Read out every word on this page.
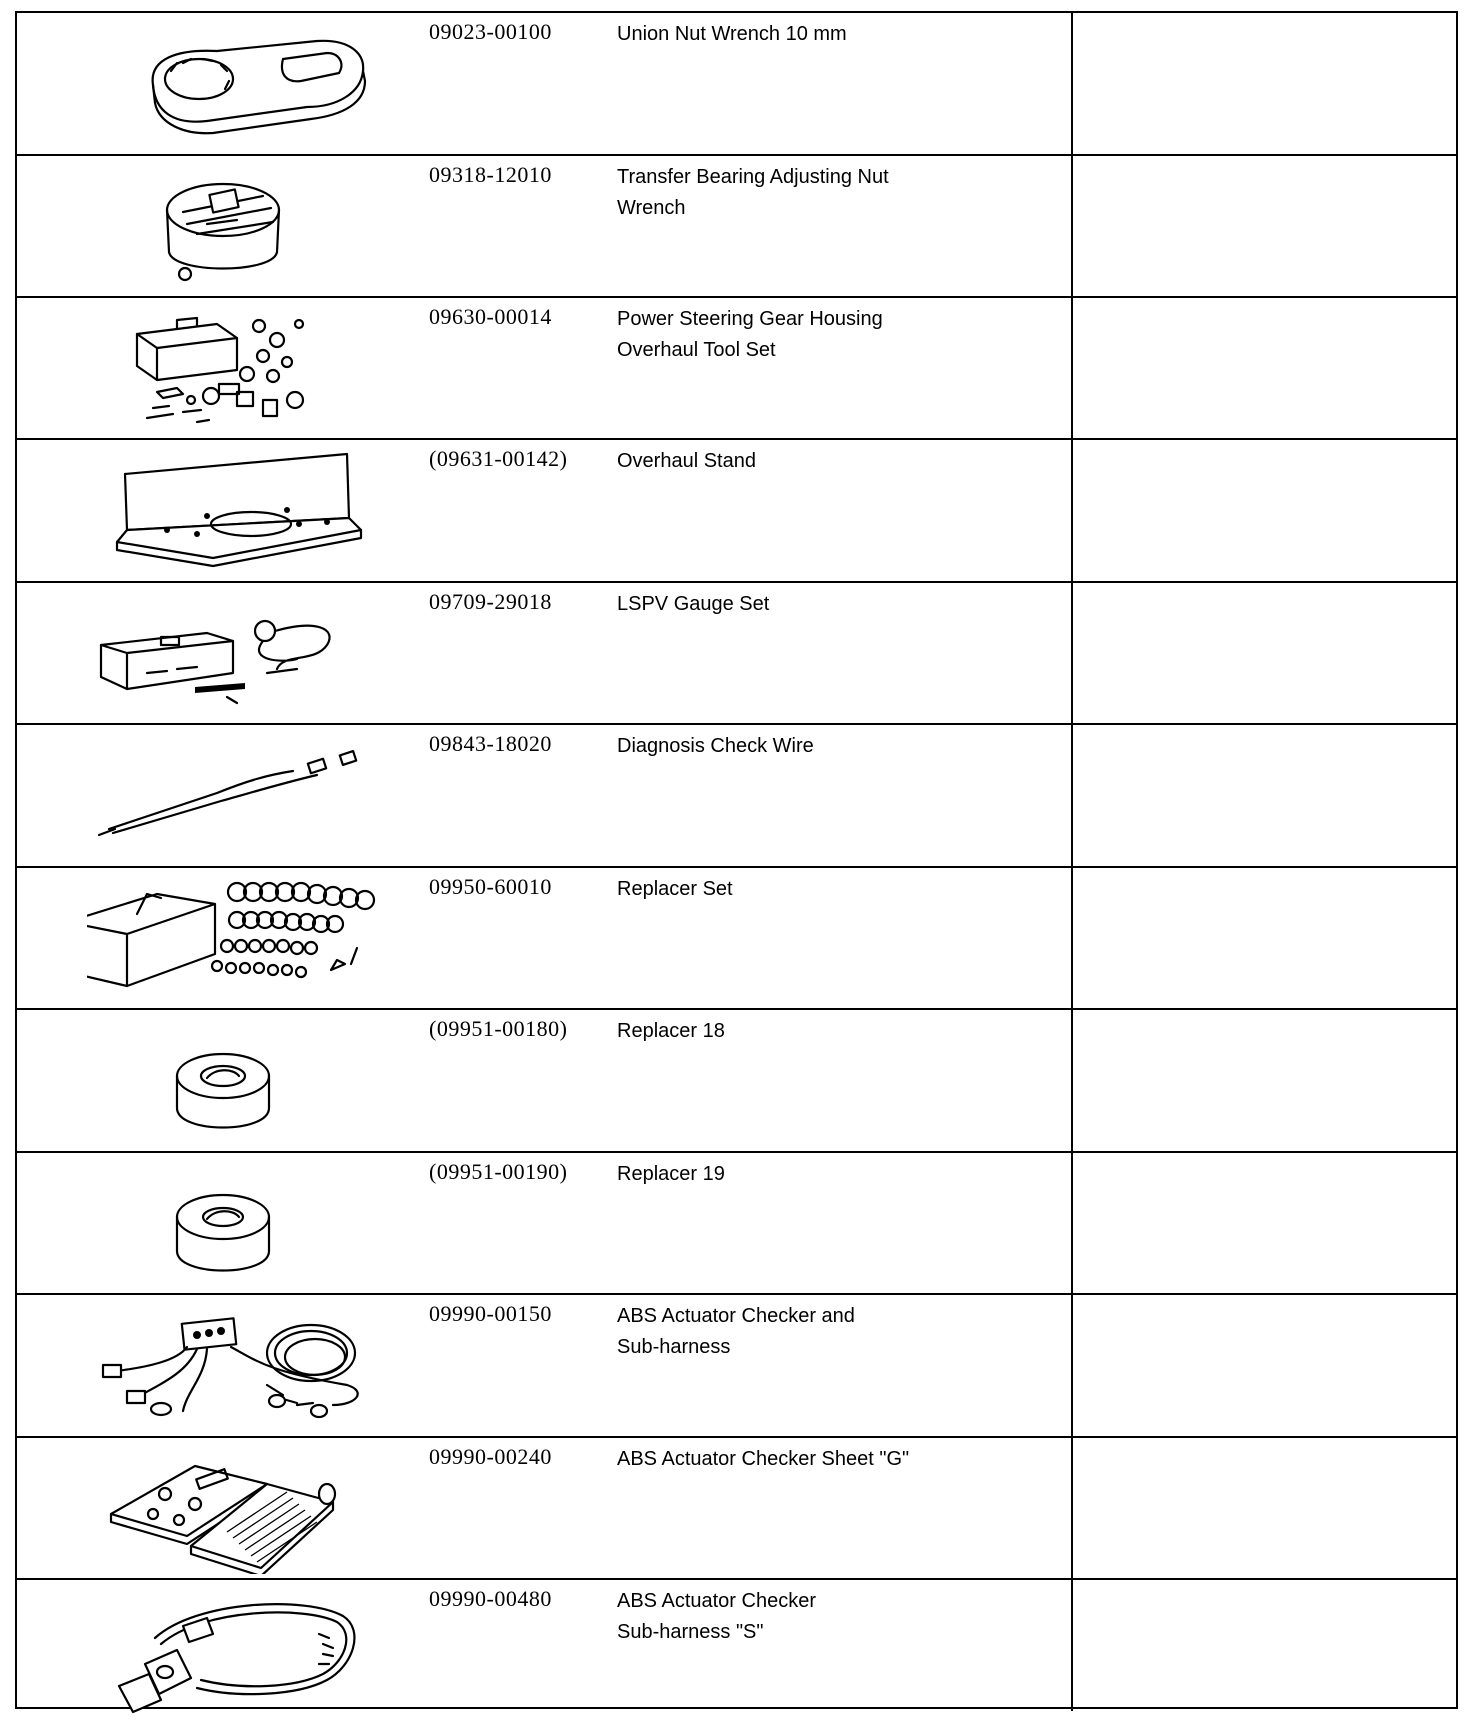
09023-00100	Union Nut Wrench 10 mm
09318-12010	Transfer Bearing Adjusting Nut
Wrench
09630-00014	Power Steering Gear Housing
Overhaul Tool Set
(09631-00142)	Overhaul Stand
09709-29018	LSPV Gauge Set
09843-18020	Diagnosis Check Wire
09950-60010	Replacer Set
(09951-00180)	Replacer 18
(09951-00190)	Replacer 19
09990-00150	ABS Actuator Checker and
Sub-harness
09990-00240	ABS Actuator Checker Sheet "G"
09990-00480	ABS Actuator Checker
Sub-harness "S"
